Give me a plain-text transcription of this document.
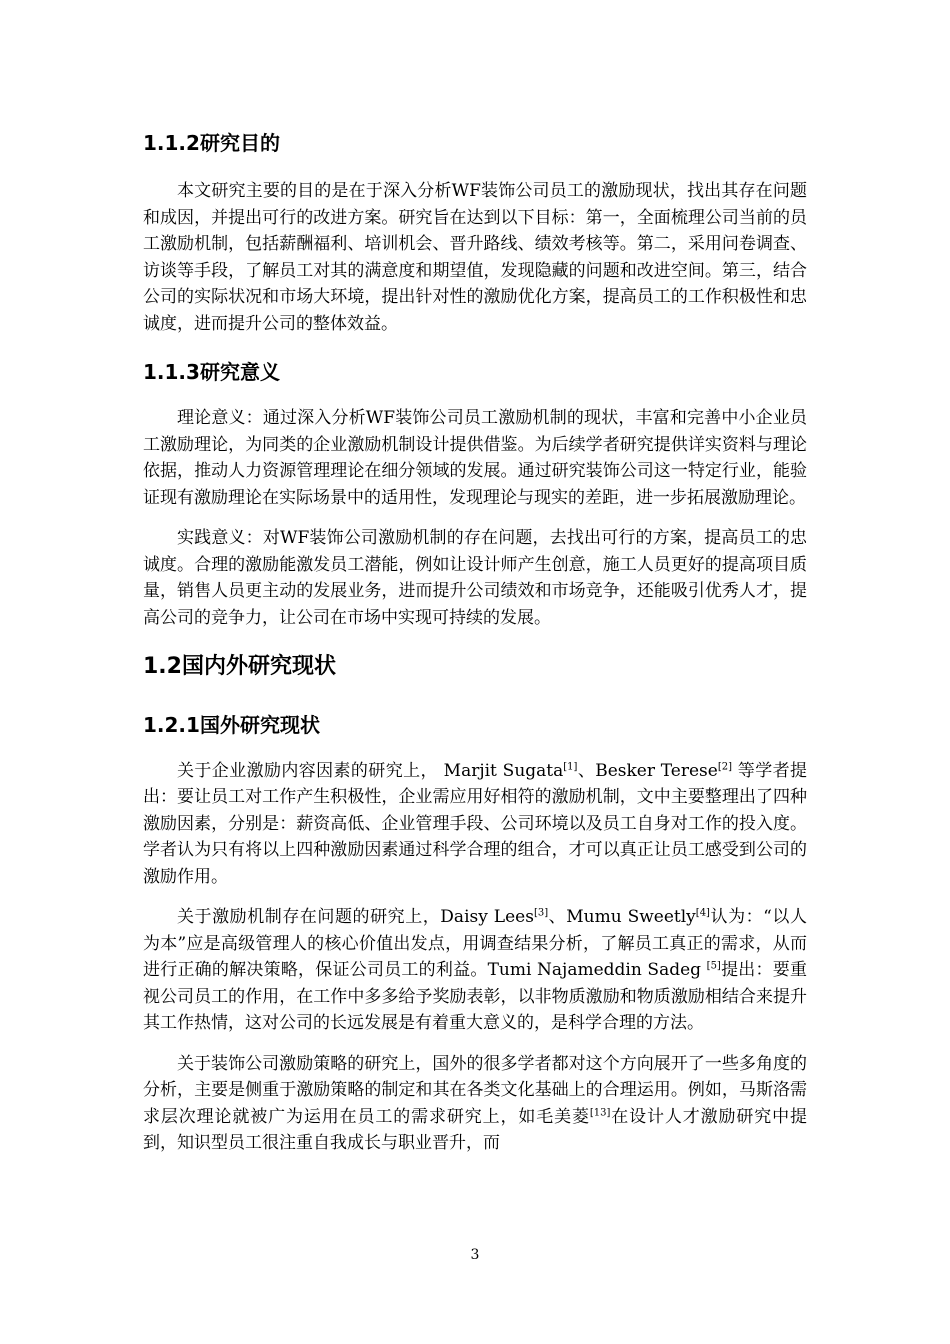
1.1.2研究目的

本文研究主要的目的是在于深入分析WF装饰公司员工的激励现状，找出其存在问题和成因，并提出可行的改进方案。研究旨在达到以下目标：第一，全面梳理公司当前的员工激励机制，包括薪酬福利、培训机会、晋升路线、绩效考核等。第二，采用问卷调查、访谈等手段，了解员工对其的满意度和期望值，发现隐藏的问题和改进空间。第三，结合公司的实际状况和市场大环境，提出针对性的激励优化方案，提高员工的工作积极性和忠诚度，进而提升公司的整体效益。

1.1.3研究意义

理论意义：通过深入分析WF装饰公司员工激励机制的现状，丰富和完善中小企业员工激励理论，为同类的企业激励机制设计提供借鉴。为后续学者研究提供详实资料与理论依据，推动人力资源管理理论在细分领域的发展。通过研究装饰公司这一特定行业，能验证现有激励理论在实际场景中的适用性，发现理论与现实的差距，进一步拓展激励理论。

实践意义：对WF装饰公司激励机制的存在问题，去找出可行的方案，提高员工的忠诚度。合理的激励能激发员工潜能，例如让设计师产生创意，施工人员更好的提高项目质量，销售人员更主动的发展业务，进而提升公司绩效和市场竞争，还能吸引优秀人才，提高公司的竞争力，让公司在市场中实现可持续的发展。

1.2国内外研究现状
1.2.1国外研究现状

关于企业激励内容因素的研究上， Marjit Sugata[1]、Besker Terese[2] 等学者提出：要让员工对工作产生积极性，企业需应用好相符的激励机制，文中主要整理出了四种激励因素，分别是：薪资高低、企业管理手段、公司环境以及员工自身对工作的投入度。学者认为只有将以上四种激励因素通过科学合理的组合，才可以真正让员工感受到公司的激励作用。

关于激励机制存在问题的研究上，Daisy Lees[3]、Mumu Sweetly[4]认为：“以人为本”应是高级管理人的核心价值出发点，用调查结果分析，了解员工真正的需求，从而进行正确的解决策略，保证公司员工的利益。Tumi Najameddin Sadeg [5]提出：要重视公司员工的作用，在工作中多多给予奖励表彰，以非物质激励和物质激励相结合来提升其工作热情，这对公司的长远发展是有着重大意义的，是科学合理的方法。

关于装饰公司激励策略的研究上，国外的很多学者都对这个方向展开了一些多角度的分析，主要是侧重于激励策略的制定和其在各类文化基础上的合理运用。例如，马斯洛需求层次理论就被广为运用在员工的需求研究上，如毛美菱[13]在设计人才激励研究中提到，知识型员工很注重自我成长与职业晋升，而

3
